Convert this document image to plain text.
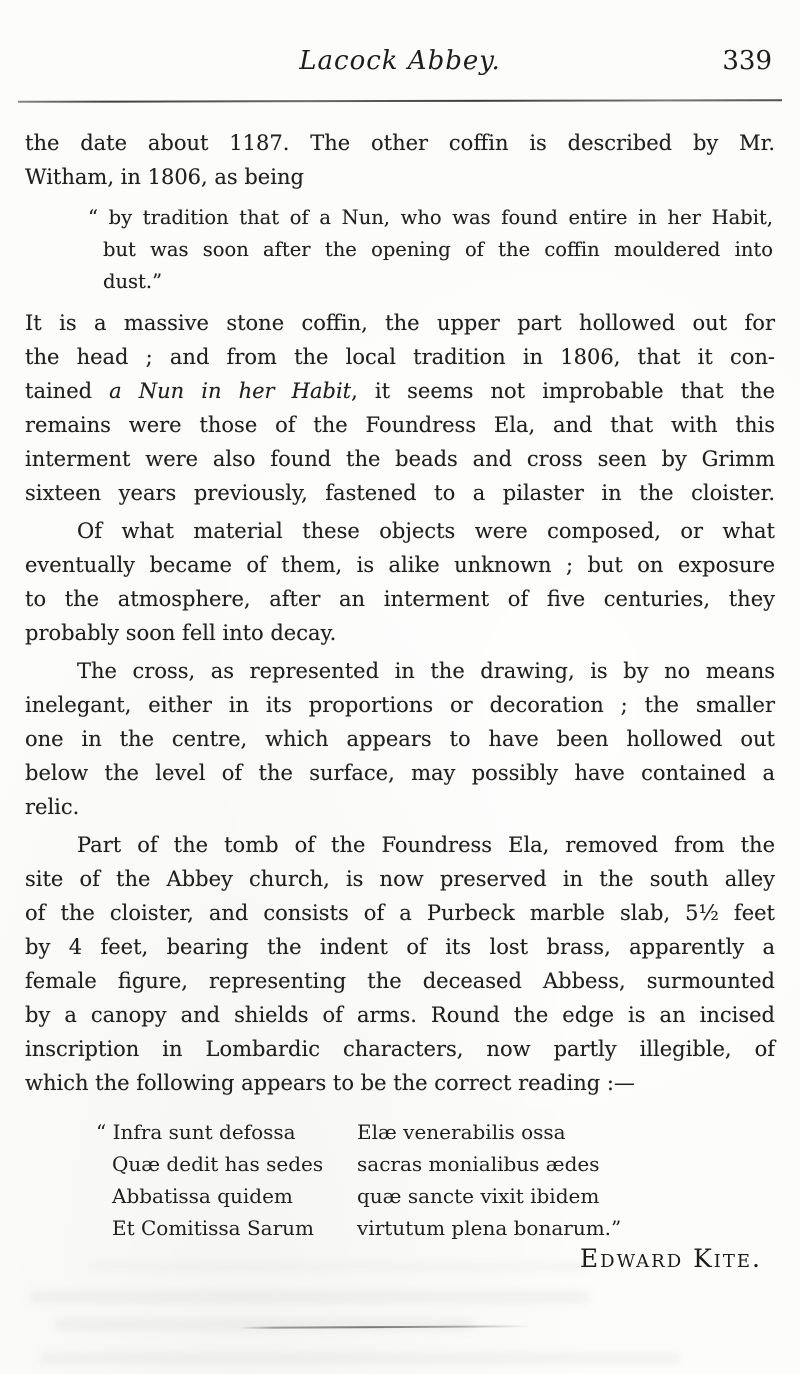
Lacock Abbey.	339
the date about 1187. The other coffin is described by Mr.
Witham, in 1806, as being
“ by tradition that of a Nun, who was found entire in her Habit,
but was soon after the opening of the coffin mouldered into
dust.”
It is a massive stone coffin, the upper part hollowed out for
the head ; and from the local tradition in 1806, that it con-
tained a Nun in her Habit, it seems not improbable that the
remains were those of the Foundress Ela, and that with this
interment were also found the beads and cross seen by Grimm
sixteen years previously, fastened to a pilaster in the cloister.
Of what material these objects were composed, or what
eventually became of them, is alike unknown ; but on exposure
to the atmosphere, after an interment of five centuries, they
probably soon fell into decay.
The cross, as represented in the drawing, is by no means
inelegant, either in its proportions or decoration ; the smaller
one in the centre, which appears to have been hollowed out
below the level of the surface, may possibly have contained a
relic.
Part of the tomb of the Foundress Ela, removed from the
site of the Abbey church, is now preserved in the south alley
of the cloister, and consists of a Purbeck marble slab, 5½ feet
by 4 feet, bearing the indent of its lost brass, apparently a
female figure, representing the deceased Abbess, surmounted
by a canopy and shields of arms. Round the edge is an incised
inscription in Lombardic characters, now partly illegible, of
which the following appears to be the correct reading :—
“ Infra sunt defossa	Elæ venerabilis ossa
Quæ dedit has sedes	sacras monialibus ædes
Abbatissa quidem	quæ sancte vixit ibidem
Et Comitissa Sarum	virtutum plena bonarum.”
Edward Kite.
